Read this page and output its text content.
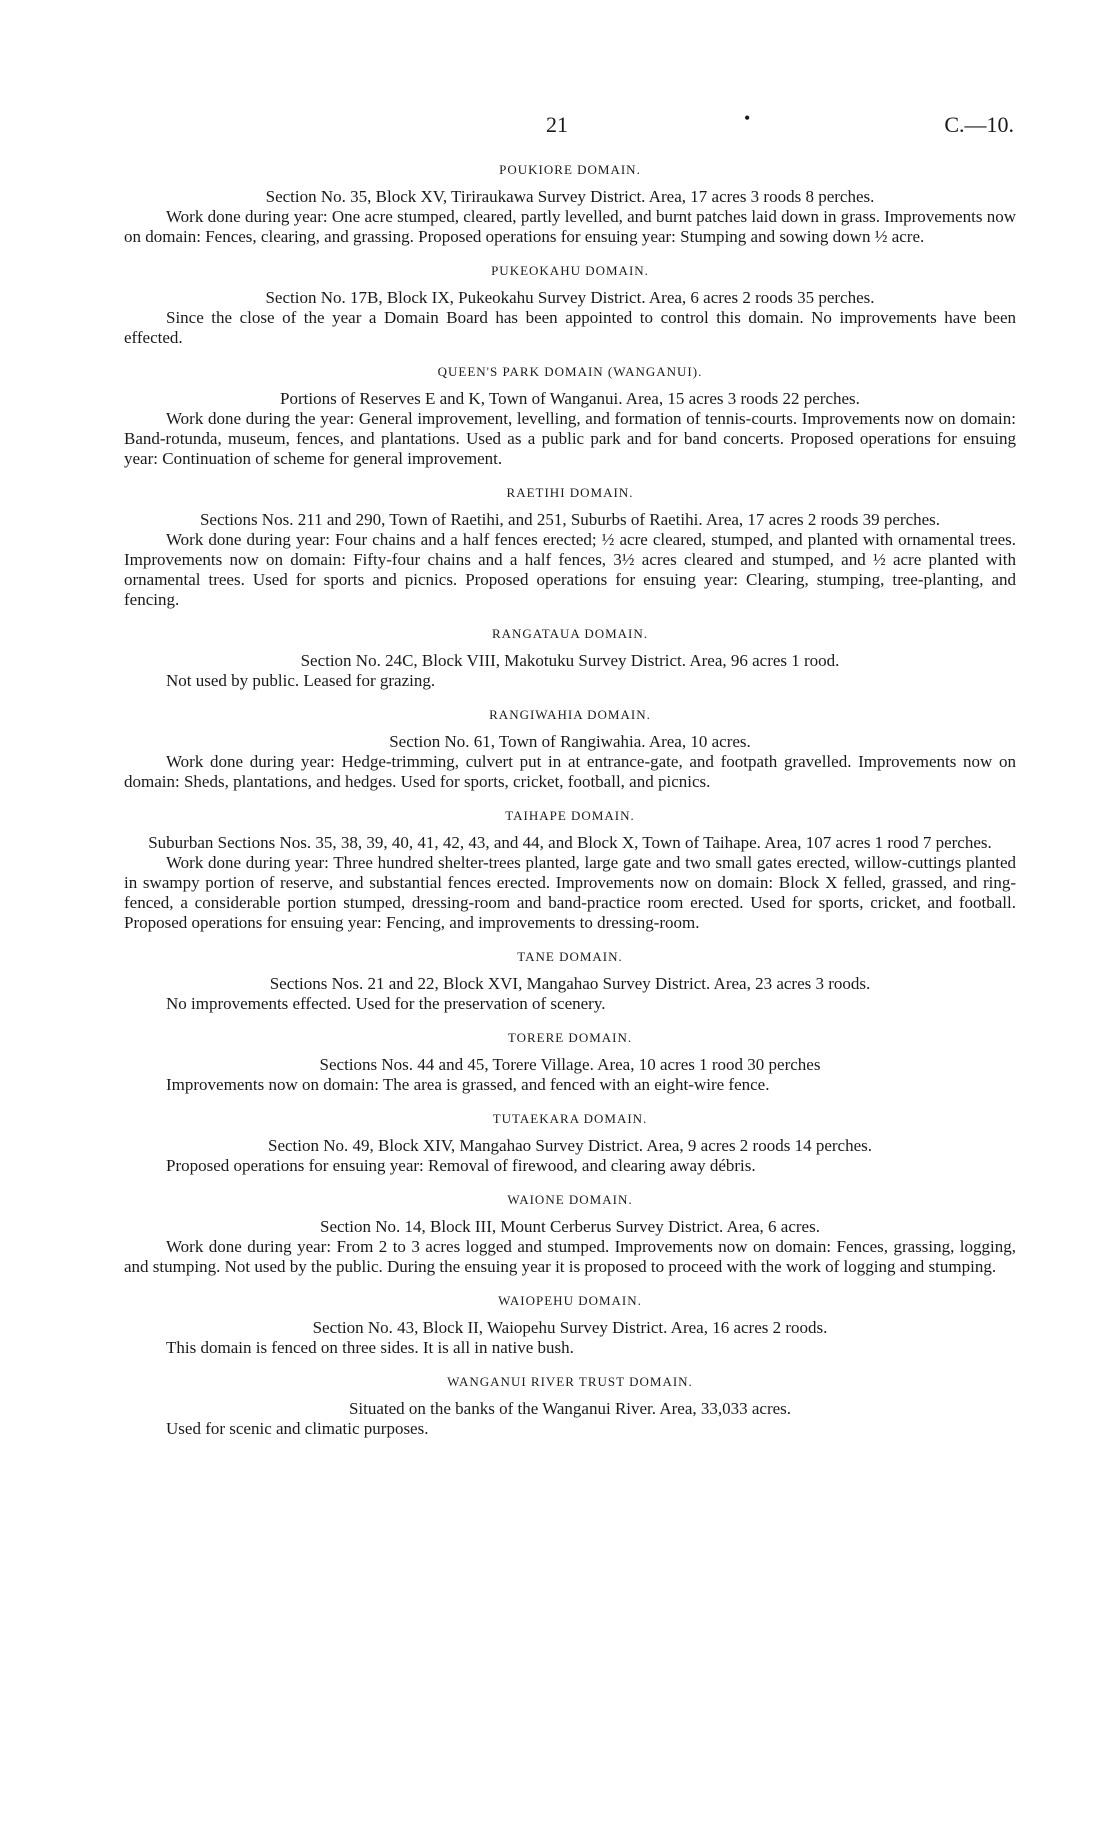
21	•	C.—10.

POUKIORE DOMAIN.

Section No. 35, Block XV, Tiriraukawa Survey District. Area, 17 acres 3 roods 8 perches.

Work done during year: One acre stumped, cleared, partly levelled, and burnt patches laid down in grass. Improvements now on domain: Fences, clearing, and grassing. Proposed operations for ensuing year: Stumping and sowing down ½ acre.

PUKEOKAHU DOMAIN.

Section No. 17B, Block IX, Pukeokahu Survey District. Area, 6 acres 2 roods 35 perches.

Since the close of the year a Domain Board has been appointed to control this domain. No improvements have been effected.

QUEEN'S PARK DOMAIN (WANGANUI).

Portions of Reserves E and K, Town of Wanganui. Area, 15 acres 3 roods 22 perches.

Work done during the year: General improvement, levelling, and formation of tennis-courts. Improvements now on domain: Band-rotunda, museum, fences, and plantations. Used as a public park and for band concerts. Proposed operations for ensuing year: Continuation of scheme for general improvement.

RAETIHI DOMAIN.

Sections Nos. 211 and 290, Town of Raetihi, and 251, Suburbs of Raetihi. Area, 17 acres 2 roods 39 perches.

Work done during year: Four chains and a half fences erected; ½ acre cleared, stumped, and planted with ornamental trees. Improvements now on domain: Fifty-four chains and a half fences, 3½ acres cleared and stumped, and ½ acre planted with ornamental trees. Used for sports and picnics. Proposed operations for ensuing year: Clearing, stumping, tree-planting, and fencing.

RANGATAUA DOMAIN.

Section No. 24C, Block VIII, Makotuku Survey District. Area, 96 acres 1 rood.

Not used by public. Leased for grazing.

RANGIWAHIA DOMAIN.

Section No. 61, Town of Rangiwahia. Area, 10 acres.

Work done during year: Hedge-trimming, culvert put in at entrance-gate, and footpath gravelled. Improvements now on domain: Sheds, plantations, and hedges. Used for sports, cricket, football, and picnics.

TAIHAPE DOMAIN.

Suburban Sections Nos. 35, 38, 39, 40, 41, 42, 43, and 44, and Block X, Town of Taihape. Area, 107 acres 1 rood 7 perches.

Work done during year: Three hundred shelter-trees planted, large gate and two small gates erected, willow-cuttings planted in swampy portion of reserve, and substantial fences erected. Improvements now on domain: Block X felled, grassed, and ring-fenced, a considerable portion stumped, dressing-room and band-practice room erected. Used for sports, cricket, and football. Proposed operations for ensuing year: Fencing, and improvements to dressing-room.

TANE DOMAIN.

Sections Nos. 21 and 22, Block XVI, Mangahao Survey District. Area, 23 acres 3 roods.

No improvements effected. Used for the preservation of scenery.

TORERE DOMAIN.

Sections Nos. 44 and 45, Torere Village. Area, 10 acres 1 rood 30 perches

Improvements now on domain: The area is grassed, and fenced with an eight-wire fence.

TUTAEKARA DOMAIN.

Section No. 49, Block XIV, Mangahao Survey District. Area, 9 acres 2 roods 14 perches.

Proposed operations for ensuing year: Removal of firewood, and clearing away débris.

WAIONE DOMAIN.

Section No. 14, Block III, Mount Cerberus Survey District. Area, 6 acres.

Work done during year: From 2 to 3 acres logged and stumped. Improvements now on domain: Fences, grassing, logging, and stumping. Not used by the public. During the ensuing year it is proposed to proceed with the work of logging and stumping.

WAIOPEHU DOMAIN.

Section No. 43, Block II, Waiopehu Survey District. Area, 16 acres 2 roods.

This domain is fenced on three sides. It is all in native bush.

WANGANUI RIVER TRUST DOMAIN.

Situated on the banks of the Wanganui River. Area, 33,033 acres.

Used for scenic and climatic purposes.
